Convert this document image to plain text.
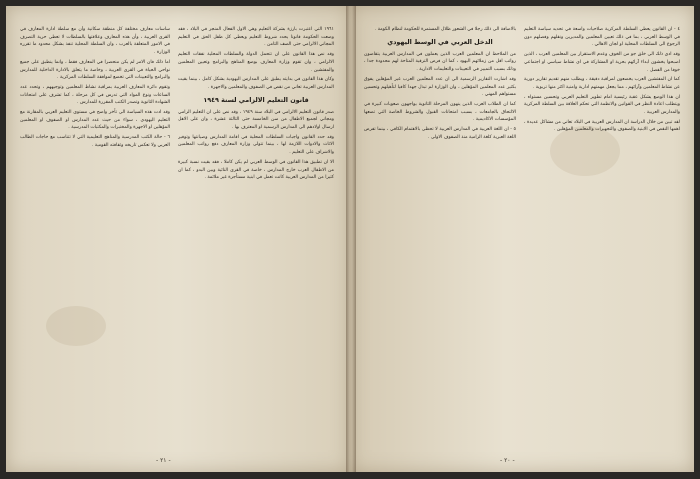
ساسات معارف مختلفة كل منطقة سكانية وأن مع سلطة ادارة المعارف في القرى العربية ، وأن هذه المعارف وعلاقتها بالسلطات لا تعطى حرية التصرف في الامور المتعلقة بالعرب ، وان السلطة المحلية تنفذ بشكل محدود ما تقرره الوزارة .

اما ذلك فان الامر لم يكن منحصرا في المعارف فقط ، وانما ينطبق على جميع نواحي الحياة في القرى العربية ، وخاصة ما يتعلق بالادارة الداخلية للمدارس والبرامج والتعيينات التي تخضع لموافقة السلطات المركزية .

وتقوم دائرة المعارف العربية بمراقبة نشاط المعلمين وتوجيههم ، وتحدد عدد الساعات ونوع المواد التي تدرس في كل مرحلة ، كما تشرف على امتحانات الشهادة الثانوية وتصدر الكتب المقررة للمدارس .

وقد ادت هذه السياسة الى تأخر واضح في مستوى التعليم العربي بالمقارنة مع التعليم اليهودي ، سواء من حيث عدد المدارس او الصفوف او المعلمين المؤهلين او الاجهزة والمختبرات والمكتبات المدرسية .

٦ - حالة الكتب المدرسية والمناهج التعليمية التي لا تتناسب مع حاجات الطالب العربي ولا تعكس تاريخه وثقافته القومية .

١٩٦١ التي اعتبرت بارزة بشركة التعليم وهي الاول الفعال المنجز في البلاد ، فقد وضعت الحكومة قانونا يحدد شروط التعليم ويعطي كل طفل الحق في التعليم المجاني الالزامي حتى الصف الثامن .

وقد نص هذا القانون على ان تتحمل الدولة والسلطات المحلية نفقات التعليم الالزامي ، وان تقوم وزارة المعارف بوضع المناهج والبرامج وتعيين المعلمين والمفتشين .

وكان هذا القانون في بدايته يطبق على المدارس اليهودية بشكل كامل ، بينما بقيت المدارس العربية تعاني من نقص في الصفوف والمعلمين والاجهزة .

قانون التعليم الالزامي لسنة ١٩٤٩

صدر قانون التعليم الالزامي في البلاد سنة ١٩٤٩ ، وقد نص على ان التعليم الزامي ومجاني لجميع الاطفال من سن الخامسة حتى الثالثة عشرة ، وان على الاهل ارسال اولادهم الى المدارس الرسمية او المعترف بها .

وقد حدد القانون واجبات السلطات المحلية في اقامة المدارس وصيانتها وتوفير الاثاث والادوات اللازمة لها ، بينما تتولى وزارة المعارف دفع رواتب المعلمين والاشراف على التعليم .

الا ان تطبيق هذا القانون في الوسط العربي لم يكن كاملا ، فقد بقيت نسبة كبيرة من الاطفال العرب خارج المدارس ، خاصة في القرى النائية وبين البدو ، كما ان كثيرا من المدارس العربية كانت تعمل في ابنية مستأجرة غير ملائمة .

- ٢١ -

بالاضافة الى ذلك رجلا في الشعور ظلال المستمرة للحكومة لنظام الكومة .

الدخل العربي في الوسط اليهودي

من الملاحظ ان المعلمين العرب الذين يعملون في المدارس العربية يتقاضون رواتب اقل من زملائهم اليهود ، كما ان فرص الترقية المتاحة لهم محدودة جدا ، وذلك بسبب التمييز في التعيينات والتعليمات الادارية .

وقد اشارت التقارير الرسمية الى ان عدد المعلمين العرب غير المؤهلين يفوق بكثير عدد المعلمين المؤهلين ، وان الوزارة لم تبذل جهدا كافيا لتأهيلهم وتحسين مستواهم المهني .

كما ان الطلاب العرب الذين ينهون المرحلة الثانوية يواجهون صعوبات كبيرة في الالتحاق بالجامعات ، بسبب امتحانات القبول والشروط الخاصة التي تضعها المؤسسات الاكاديمية .

٥ - ان اللغة العربية في المدارس العربية لا تحظى بالاهتمام الكافي ، بينما تفرض اللغة العبرية كلغة الزامية منذ الصفوف الاولى .

٤ - ان القانون يعطي السلطة المركزية صلاحيات واسعة في تحديد سياسة التعليم في الوسط العربي ، بما في ذلك تعيين المعلمين والمديرين ونقلهم وفصلهم دون الرجوع الى السلطات المحلية او لجان الاهالي .

وقد ادى ذلك الى خلق جو من الخوف وعدم الاستقرار بين المعلمين العرب ، الذين اصبحوا يخشون ابداء آرائهم بحرية او المشاركة في اي نشاط سياسي او اجتماعي خوفا من الفصل .

كما ان المفتشين العرب يخضعون لمراقبة دقيقة ، ويطلب منهم تقديم تقارير دورية عن نشاط المعلمين وآرائهم ، مما يجعل مهمتهم ادارية وامنية اكثر منها تربوية .

ان هذا الوضع يشكل عقبة رئيسية امام تطوير التعليم العربي وتحسين مستواه ، ويتطلب اعادة النظر في القوانين والانظمة التي تحكم العلاقة بين السلطة المركزية والمدارس العربية .

لقد تبين من خلال الدراسة ان المدارس العربية في البلاد تعاني من مشاكل عديدة ، اهمها النقص في الابنية والصفوف والتجهيزات والمعلمين المؤهلين .

- ٢٠ -
